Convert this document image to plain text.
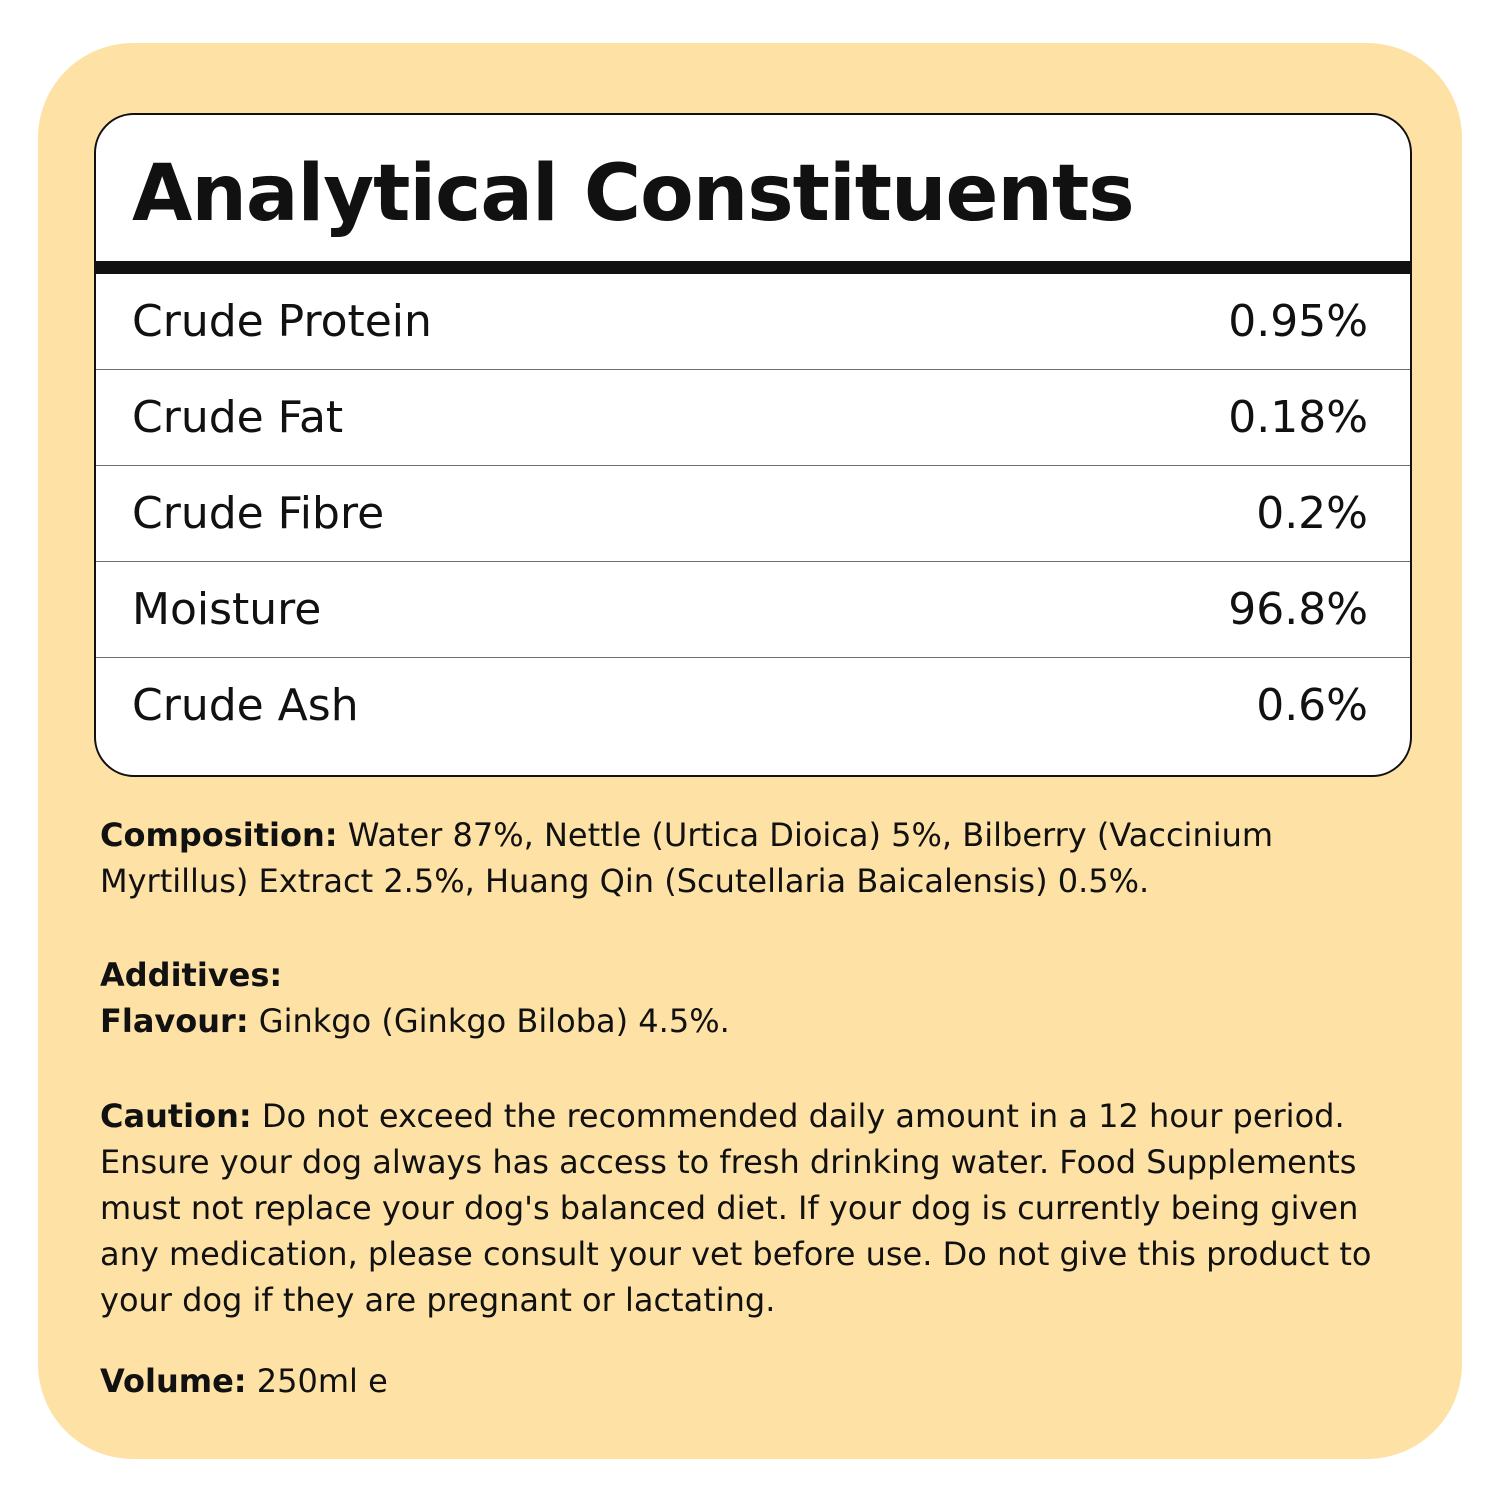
Analytical Constituents
Crude Protein	0.95%
Crude Fat	0.18%
Crude Fibre	0.2%
Moisture	96.8%
Crude Ash	0.6%
Composition: Water 87%, Nettle (Urtica Dioica) 5%, Bilberry (Vaccinium Myrtillus) Extract 2.5%, Huang Qin (Scutellaria Baicalensis) 0.5%.
Additives:
Flavour: Ginkgo (Ginkgo Biloba) 4.5%.
Caution: Do not exceed the recommended daily amount in a 12 hour period. Ensure your dog always has access to fresh drinking water. Food Supplements must not replace your dog's balanced diet. If your dog is currently being given any medication, please consult your vet before use. Do not give this product to your dog if they are pregnant or lactating.
Volume: 250ml e
